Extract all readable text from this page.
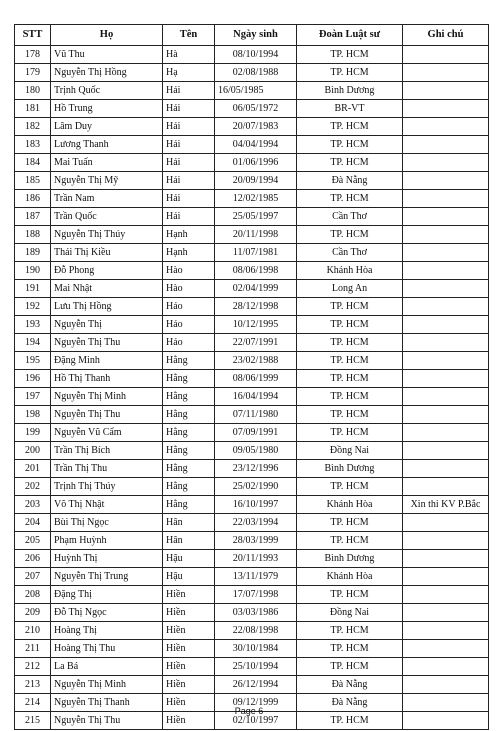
STT	Họ	Tên	Ngày sinh	Đoàn Luật sư	Ghi chú
178	Vũ Thu	Hà	08/10/1994	TP. HCM	
179	Nguyễn Thị Hồng	Hạ	02/08/1988	TP. HCM	
180	Trịnh Quốc	Hải	16/05/1985	Bình Dương	
181	Hồ Trung	Hải	06/05/1972	BR-VT	
182	Lâm Duy	Hải	20/07/1983	TP. HCM	
183	Lương Thanh	Hải	04/04/1994	TP. HCM	
184	Mai Tuấn	Hải	01/06/1996	TP. HCM	
185	Nguyễn Thị Mỹ	Hải	20/09/1994	Đà Nẵng	
186	Trần Nam	Hải	12/02/1985	TP. HCM	
187	Trần Quốc	Hải	25/05/1997	Cần Thơ	
188	Nguyễn Thị Thúy	Hạnh	20/11/1998	TP. HCM	
189	Thái Thị Kiều	Hạnh	11/07/1981	Cần Thơ	
190	Đỗ Phong	Hào	08/06/1998	Khánh Hòa	
191	Mai Nhật	Hào	02/04/1999	Long An	
192	Lưu Thị Hồng	Hảo	28/12/1998	TP. HCM	
193	Nguyễn Thị	Hảo	10/12/1995	TP. HCM	
194	Nguyễn Thị Thu	Hảo	22/07/1991	TP. HCM	
195	Đặng Minh	Hằng	23/02/1988	TP. HCM	
196	Hồ Thị Thanh	Hằng	08/06/1999	TP. HCM	
197	Nguyễn Thị Minh	Hằng	16/04/1994	TP. HCM	
198	Nguyễn Thị Thu	Hằng	07/11/1980	TP. HCM	
199	Nguyễn Vũ Cẩm	Hằng	07/09/1991	TP. HCM	
200	Trần Thị Bích	Hằng	09/05/1980	Đồng Nai	
201	Trần Thị Thu	Hằng	23/12/1996	Bình Dương	
202	Trịnh Thị Thúy	Hằng	25/02/1990	TP. HCM	
203	Võ Thị Nhật	Hằng	16/10/1997	Khánh Hòa	Xin thi KV P.Bắc
204	Bùi Thị Ngọc	Hân	22/03/1994	TP. HCM	
205	Phạm Huỳnh	Hân	28/03/1999	TP. HCM	
206	Huỳnh Thị	Hậu	20/11/1993	Bình Dương	
207	Nguyễn Thị Trung	Hậu	13/11/1979	Khánh Hòa	
208	Đặng Thị	Hiền	17/07/1998	TP. HCM	
209	Đỗ Thị Ngọc	Hiền	03/03/1986	Đồng Nai	
210	Hoàng Thị	Hiền	22/08/1998	TP. HCM	
211	Hoàng Thị Thu	Hiền	30/10/1984	TP. HCM	
212	La Bá	Hiền	25/10/1994	TP. HCM	
213	Nguyễn Thị Minh	Hiền	26/12/1994	Đà Nẵng	
214	Nguyễn Thị Thanh	Hiền	09/12/1999	Đà Nẵng	
215	Nguyễn Thị Thu	Hiền	02/10/1997	TP. HCM	
Page 6
